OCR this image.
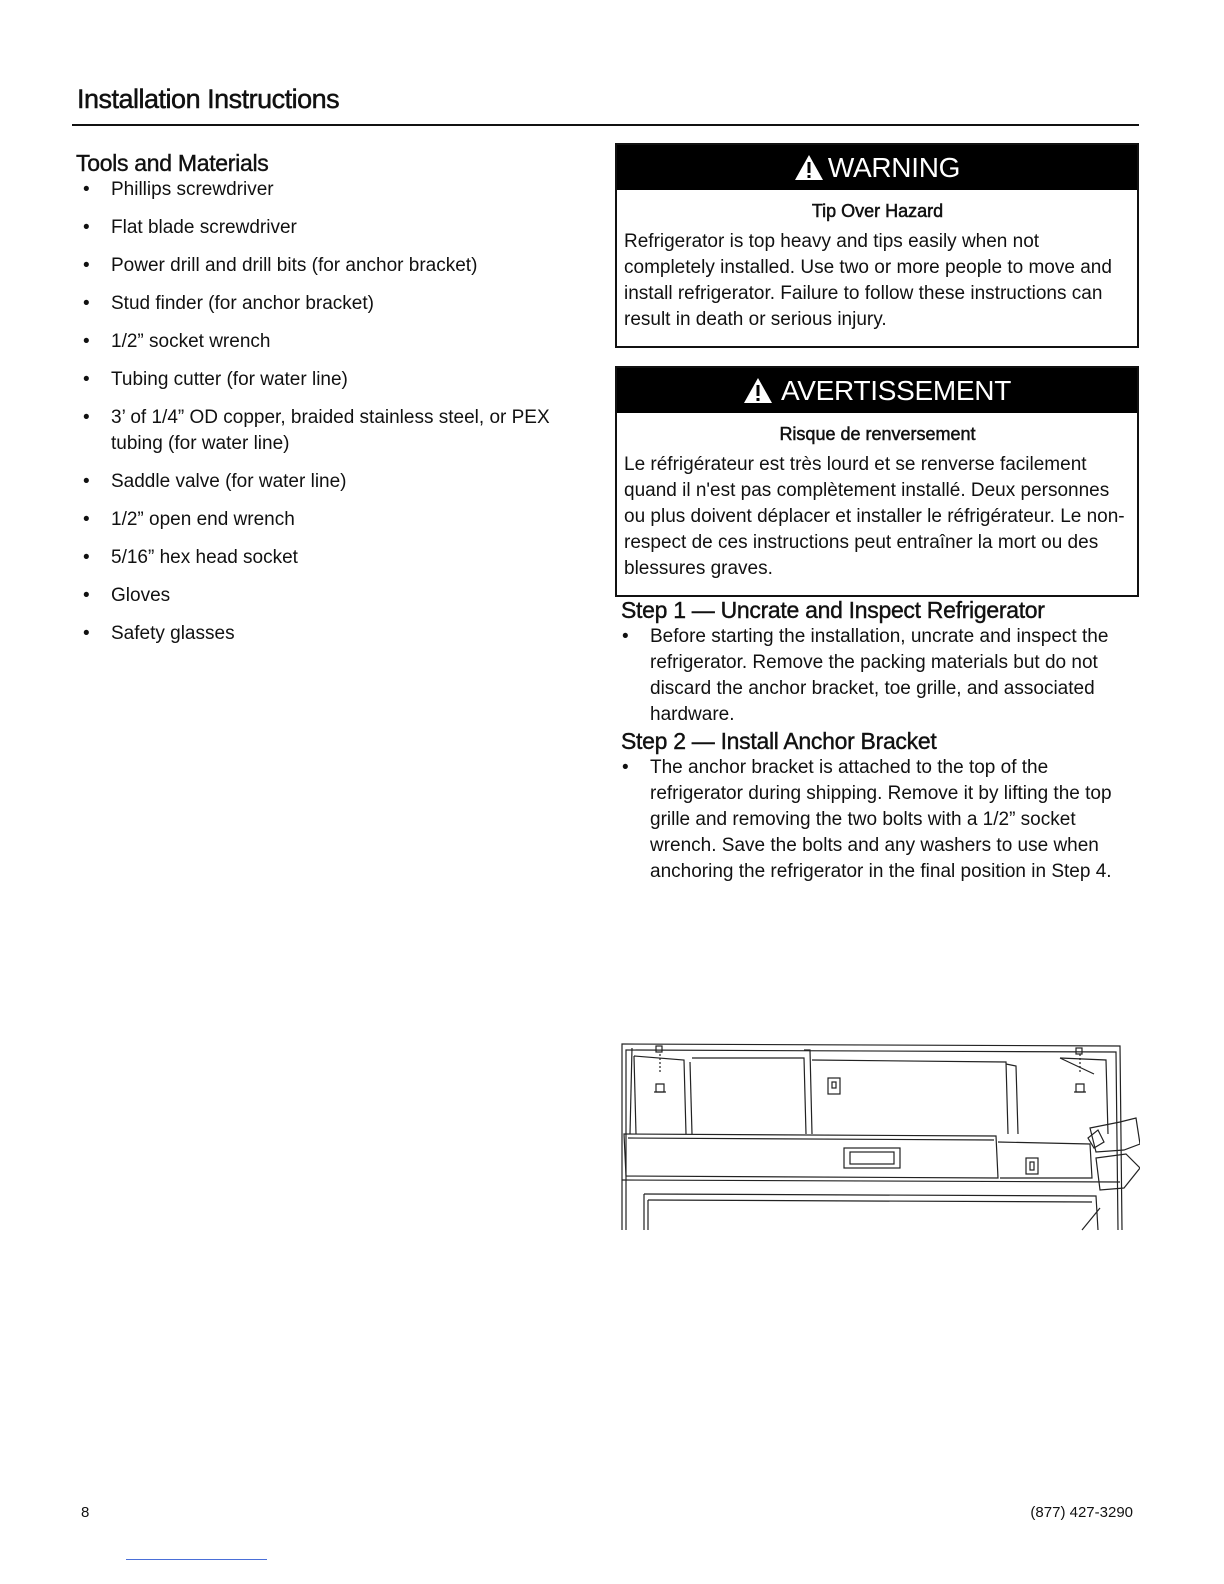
Installation Instructions
Tools and Materials
• Phillips screwdriver
• Flat blade screwdriver
• Power drill and drill bits (for anchor bracket)
• Stud finder (for anchor bracket)
• 1/2” socket wrench
• Tubing cutter (for water line)
• 3’ of 1/4” OD copper, braided stainless steel, or PEX tubing (for water line)
• Saddle valve (for water line)
• 1/2” open end wrench
• 5/16” hex head socket
• Gloves
• Safety glasses
WARNING
Tip Over Hazard
Refrigerator is top heavy and tips easily when not completely installed. Use two or more people to move and install refrigerator. Failure to follow these instructions can result in death or serious injury.
AVERTISSEMENT
Risque de renversement
Le réfrigérateur est très lourd et se renverse facilement quand il n'est pas complètement installé. Deux personnes ou plus doivent déplacer et installer le réfrigérateur. Le non-respect de ces instructions peut entraîner la mort ou des blessures graves.
Step 1 — Uncrate and Inspect Refrigerator
• Before starting the installation, uncrate and inspect the refrigerator. Remove the packing materials but do not discard the anchor bracket, toe grille, and associated hardware.
Step 2 — Install Anchor Bracket
• The anchor bracket is attached to the top of the refrigerator during shipping. Remove it by lifting the top grille and removing the two bolts with a 1/2” socket wrench. Save the bolts and any washers to use when anchoring the refrigerator in the final position in Step 4.
8	(877) 427-3290
